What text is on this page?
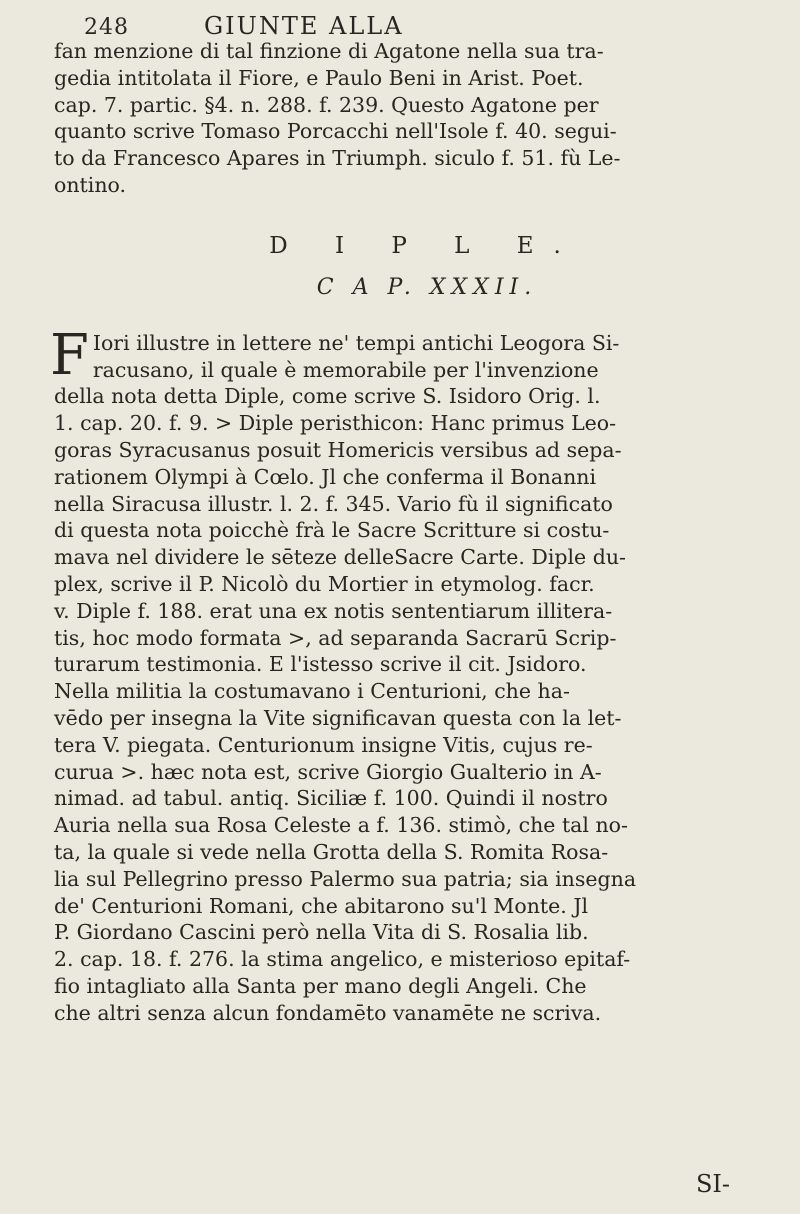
248	GIUNTE ALLA

fan menzione di tal finzione di Agatone nella sua tra-
gedia intitolata il Fiore, e Paulo Beni in Arist. Poet.
cap. 7. partic. §4. n. 288. f. 239. Questo Agatone per
quanto scrive Tomaso Porcacchi nell'Isole f. 40. segui-
to da Francesco Apares in Triumph. siculo f. 51. fù Le-
ontino.

D I P L E.
C A P. XXXII.

F Iori illustre in lettere ne' tempi antichi Leogora Si-
racusano, il quale è memorabile per l'invenzione
della nota detta Diple, come scrive S. Isidoro Orig. l.
1. cap. 20. f. 9. > Diple peristhicon: Hanc primus Leo-
goras Syracusanus posuit Homericis versibus ad sepa-
rationem Olympi à Cœlo. Jl che conferma il Bonanni
nella Siracusa illustr. l. 2. f. 345. Vario fù il significato
di questa nota poicchè frà le Sacre Scritture si costu-
mava nel dividere le sēteze delleSacre Carte. Diple du-
plex, scrive il P. Nicolò du Mortier in etymolog. facr.
v. Diple f. 188. erat una ex notis sententiarum illitera-
tis, hoc modo formata >, ad separanda Sacrarū Scrip-
turarum testimonia. E l'istesso scrive il cit. Jsidoro.
Nella militia la costumavano i Centurioni, che ha-
vēdo per insegna la Vite significavan questa con la let-
tera V. piegata. Centurionum insigne Vitis, cujus re-
curua >. hæc nota est, scrive Giorgio Gualterio in A-
nimad. ad tabul. antiq. Siciliæ f. 100. Quindi il nostro
Auria nella sua Rosa Celeste a f. 136. stimò, che tal no-
ta, la quale si vede nella Grotta della S. Romita Rosa-
lia sul Pellegrino presso Palermo sua patria; sia insegna
de' Centurioni Romani, che abitarono su'l Monte. Jl
P. Giordano Cascini però nella Vita di S. Rosalia lib.
2. cap. 18. f. 276. la stima angelico, e misterioso epitaf-
fio intagliato alla Santa per mano degli Angeli. Che
che altri senza alcun fondamēto vanamēte ne scriva.

SI-
